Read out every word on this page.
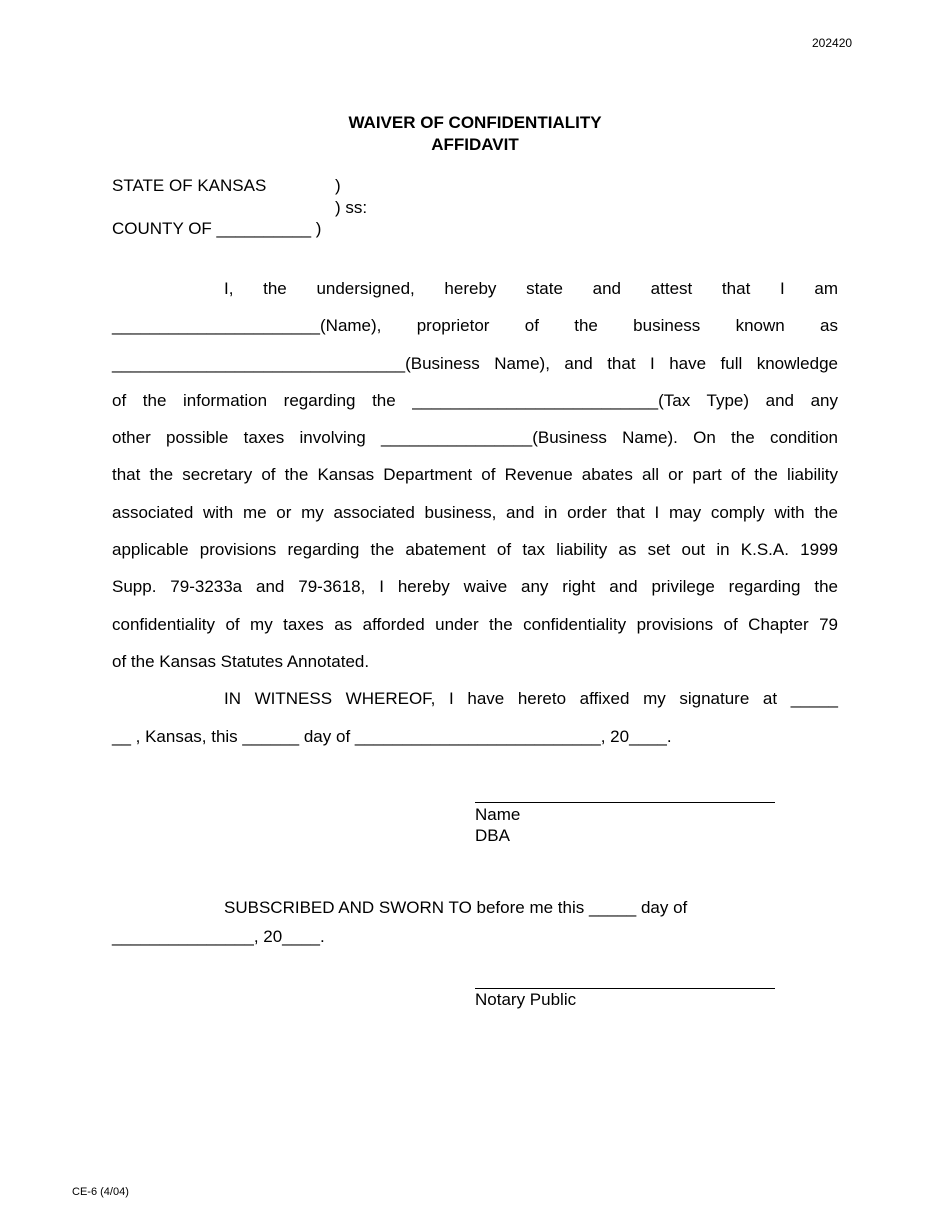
202420
WAIVER OF CONFIDENTIALITY
AFFIDAVIT
STATE OF KANSAS	)
) ss:
COUNTY OF __________ )
I, the undersigned, hereby state and attest that I am
______________________(Name), proprietor of the business known as
_______________________________(Business Name), and that I have full knowledge
of the information regarding the __________________________(Tax Type) and any
other possible taxes involving ________________(Business Name). On the condition
that the secretary of the Kansas Department of Revenue abates all or part of the liability
associated with me or my associated business, and in order that I may comply with the
applicable provisions regarding the abatement of tax liability as set out in K.S.A. 1999
Supp. 79-3233a and 79-3618, I hereby waive any right and privilege regarding the
confidentiality of my taxes as afforded under the confidentiality provisions of Chapter 79
of the Kansas Statutes Annotated.
IN WITNESS WHEREOF, I have hereto affixed my signature at _____
__ , Kansas, this ______ day of __________________________, 20____.
Name
DBA
SUBSCRIBED AND SWORN TO before me this _____ day of
_______________, 20____.
Notary Public
CE-6 (4/04)
